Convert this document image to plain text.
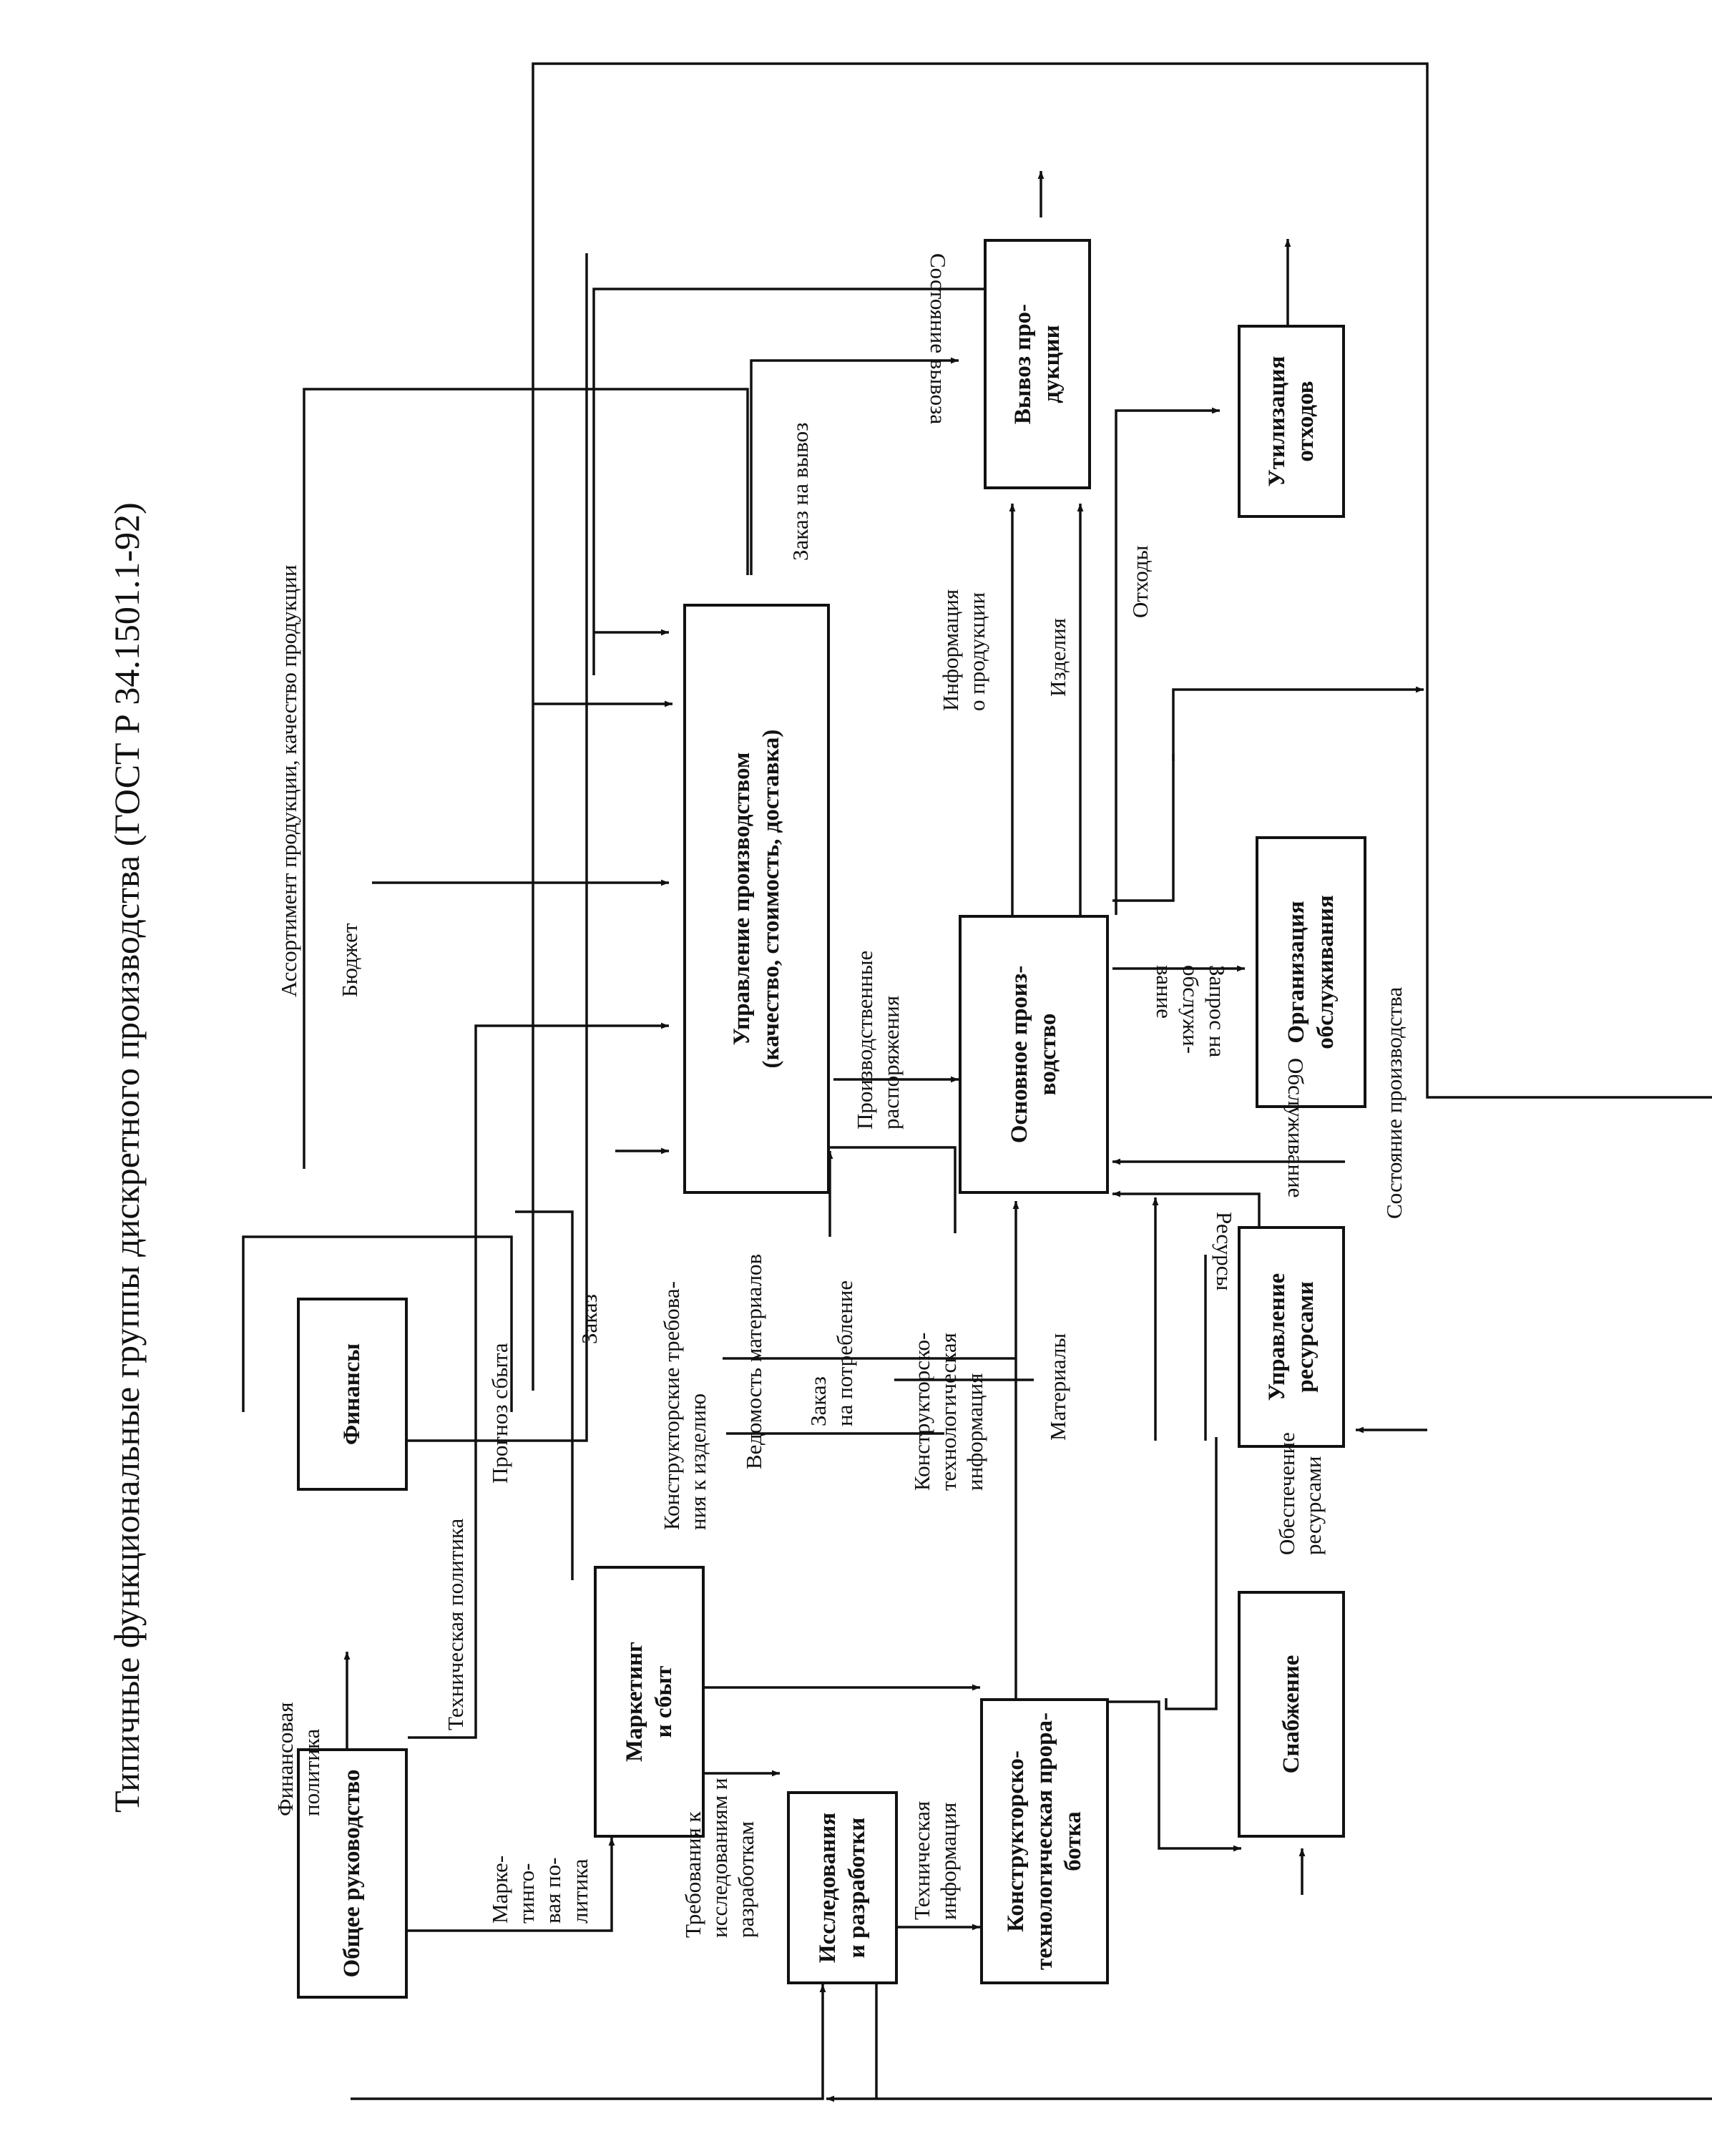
Типичные функциональные группы дискретного производства (ГОСТ Р 34.1501.1-92)
Общее руководство
Финансы
Маркетинг
и сбыт
Исследования
и разработки	Конструкторско-
технологическая прора-
ботка
Управление производством
(качество, стоимость, доставка)
Основное произ-
водство
Вывоз про-
дукции	Утилизация
отходов
Организация
обслуживания
Управление
ресурсами
Снабжение
Финансовая
политика
Техническая политика
Марке-
тинго-
вая по-
литика
Бюджет
Прогноз сбыта
Заказ
Ассортимент продукции, качество продукции
Конструкторские требова-
ния к изделию
Требования к
исследованиям и
разработкам	Техническая
информация
Ведомость материалов Заказ
на потребление Конструкторско-
технологическая
информация	Материалы
Производственные
распоряжения
Информация
о продукции	Изделия
Отходы
Заказ на вывоз
Состояние вывоза
Запрос на
обслужи-
вание
Обслуживание
Ресурсы
Состояние производства
Обеспечение
ресурсами
